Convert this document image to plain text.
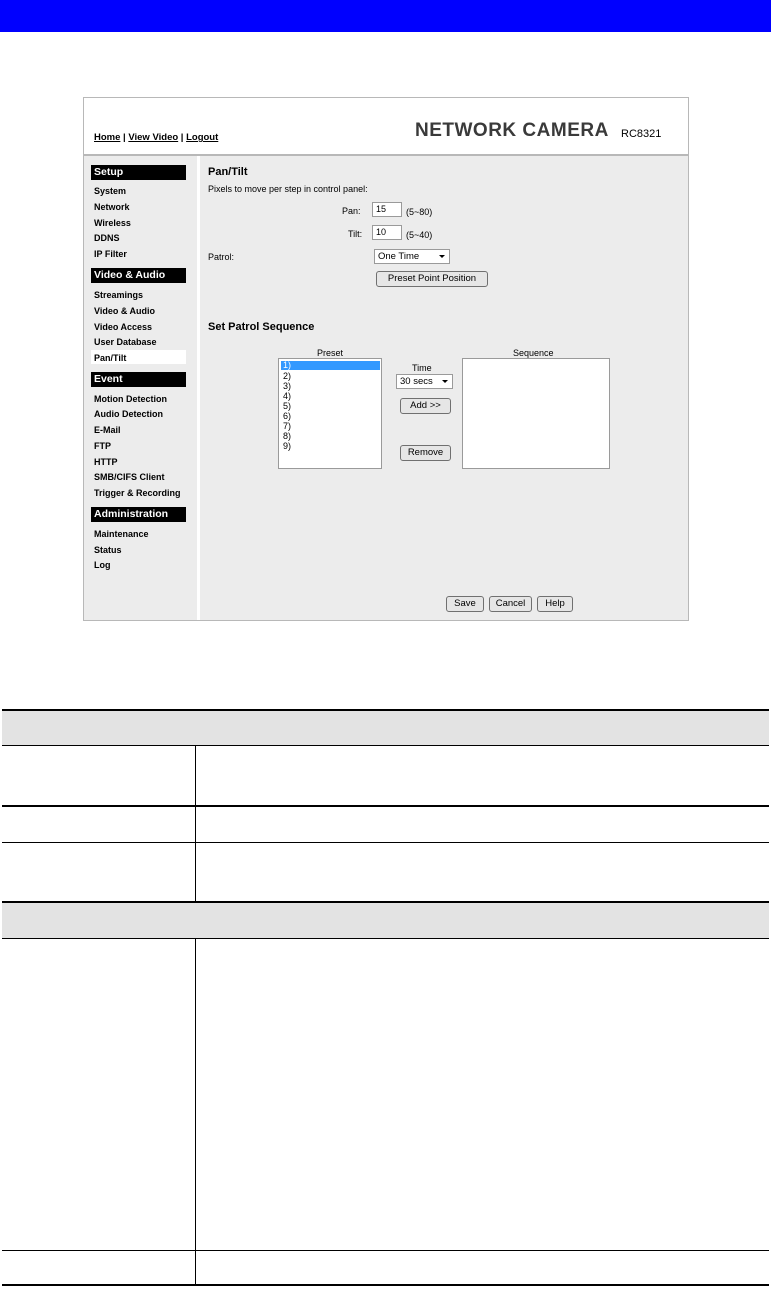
Home | View Video | Logout	NETWORK CAMERA RC8321
Setup
System
Network
Wireless
DDNS
IP Filter
Video & Audio
Streamings
Video & Audio
Video Access
User Database
Pan/Tilt
Event
Motion Detection
Audio Detection
E-Mail
FTP
HTTP
SMB/CIFS Client
Trigger & Recording
Administration
Maintenance
Status
Log
Pan/Tilt
Pixels to move per step in control panel:
Pan:	15	(5~80)
Tilt:	10	(5~40)
Patrol:	One Time
Preset Point Position
Set Patrol Sequence
Preset
1)
2)
3)
4)
5)
6)
7)
8)
9)
Time
30 secs
Add >>
Remove
Sequence
Save	Cancel	Help
